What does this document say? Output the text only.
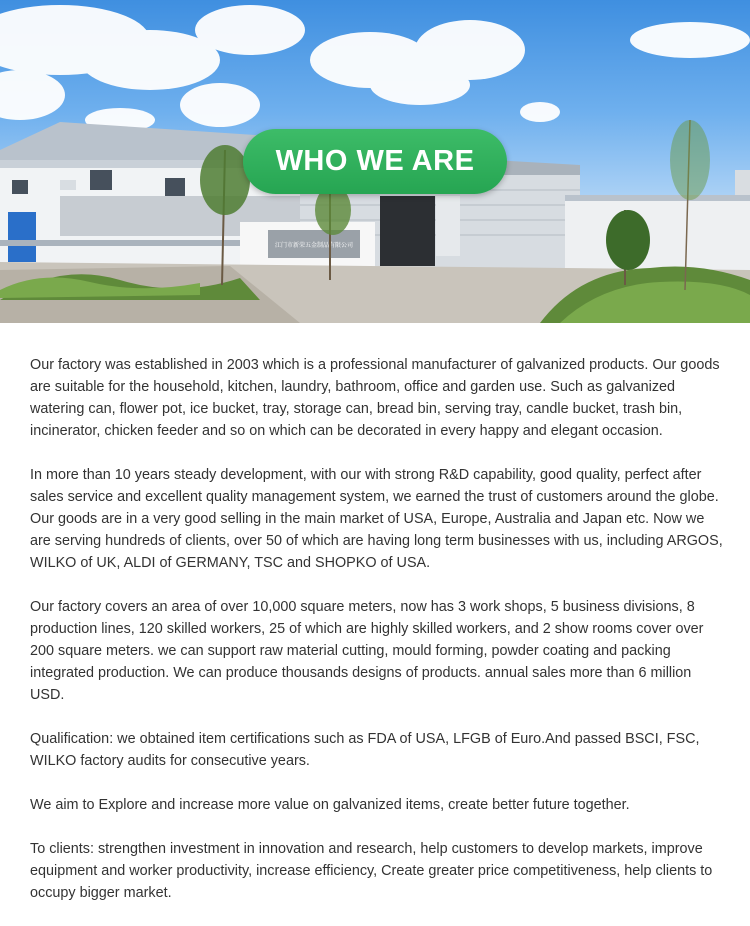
江门市新荣五金制品有限公司
WHO WE ARE

Our factory was established in 2003 which is a professional manufacturer of galvanized products. Our goods are suitable for the household, kitchen, laundry, bathroom, office and garden use. Such as galvanized watering can, flower pot, ice bucket, tray, storage can, bread bin, serving tray, candle bucket, trash bin, incinerator, chicken feeder and so on which can be decorated in every happy and elegant occasion.

In more than 10 years steady development, with our with strong R&D capability, good quality, perfect after sales service and excellent quality management system, we earned the trust of customers around the globe. Our goods are in a very good selling in the main market of USA, Europe, Australia and Japan etc. Now we are serving hundreds of clients, over 50 of which are having long term businesses with us, including ARGOS, WILKO of UK, ALDI of GERMANY, TSC and SHOPKO of USA.

Our factory covers an area of over 10,000 square meters, now has 3 work shops, 5 business divisions, 8 production lines, 120 skilled workers, 25 of which are highly skilled workers, and 2 show rooms cover over 200 square meters. we can support raw material cutting, mould forming, powder coating and packing integrated production. We can produce thousands designs of products. annual sales more than 6 million USD.

Qualification: we obtained item certifications such as FDA of USA, LFGB of Euro.And passed BSCI, FSC, WILKO factory audits for consecutive years.

We aim to Explore and increase more value on galvanized items, create better future together.

To clients: strengthen investment in innovation and research, help customers to develop markets, improve equipment and worker productivity, increase efficiency, Create greater price competitiveness, help clients to occupy bigger market.
